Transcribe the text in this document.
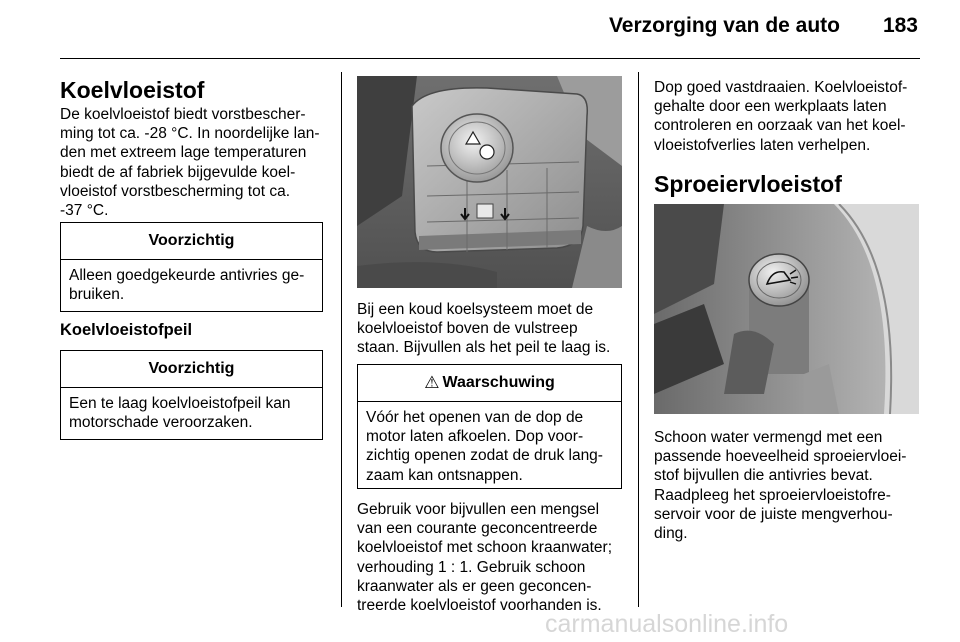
Verzorging van de auto 183
Koelvloeistof
De koelvloeistof biedt vorstbescher-
ming tot ca. -28 °C. In noordelijke lan-
den met extreem lage temperaturen
biedt de af fabriek bijgevulde koel-
vloeistof vorstbescherming tot ca.
-37 °C.
Voorzichtig
Alleen goedgekeurde antivries ge-
bruiken.
Koelvloeistofpeil
Voorzichtig
Een te laag koelvloeistofpeil kan
motorschade veroorzaken.
Bij een koud koelsysteem moet de
koelvloeistof boven de vulstreep
staan. Bijvullen als het peil te laag is.
⚠ Waarschuwing
Vóór het openen van de dop de
motor laten afkoelen. Dop voor-
zichtig openen zodat de druk lang-
zaam kan ontsnappen.
Gebruik voor bijvullen een mengsel
van een courante geconcentreerde
koelvloeistof met schoon kraanwater;
verhouding 1 : 1. Gebruik schoon
kraanwater als er geen geconcen-
treerde koelvloeistof voorhanden is.
Dop goed vastdraaien. Koelvloeistof-
gehalte door een werkplaats laten
controleren en oorzaak van het koel-
vloeistofverlies laten verhelpen.
Sproeiervloeistof
Schoon water vermengd met een
passende hoeveelheid sproeiervloei-
stof bijvullen die antivries bevat.
Raadpleeg het sproeiervloeistofre-
servoir voor de juiste mengverhou-
ding.
carmanualsonline.info
